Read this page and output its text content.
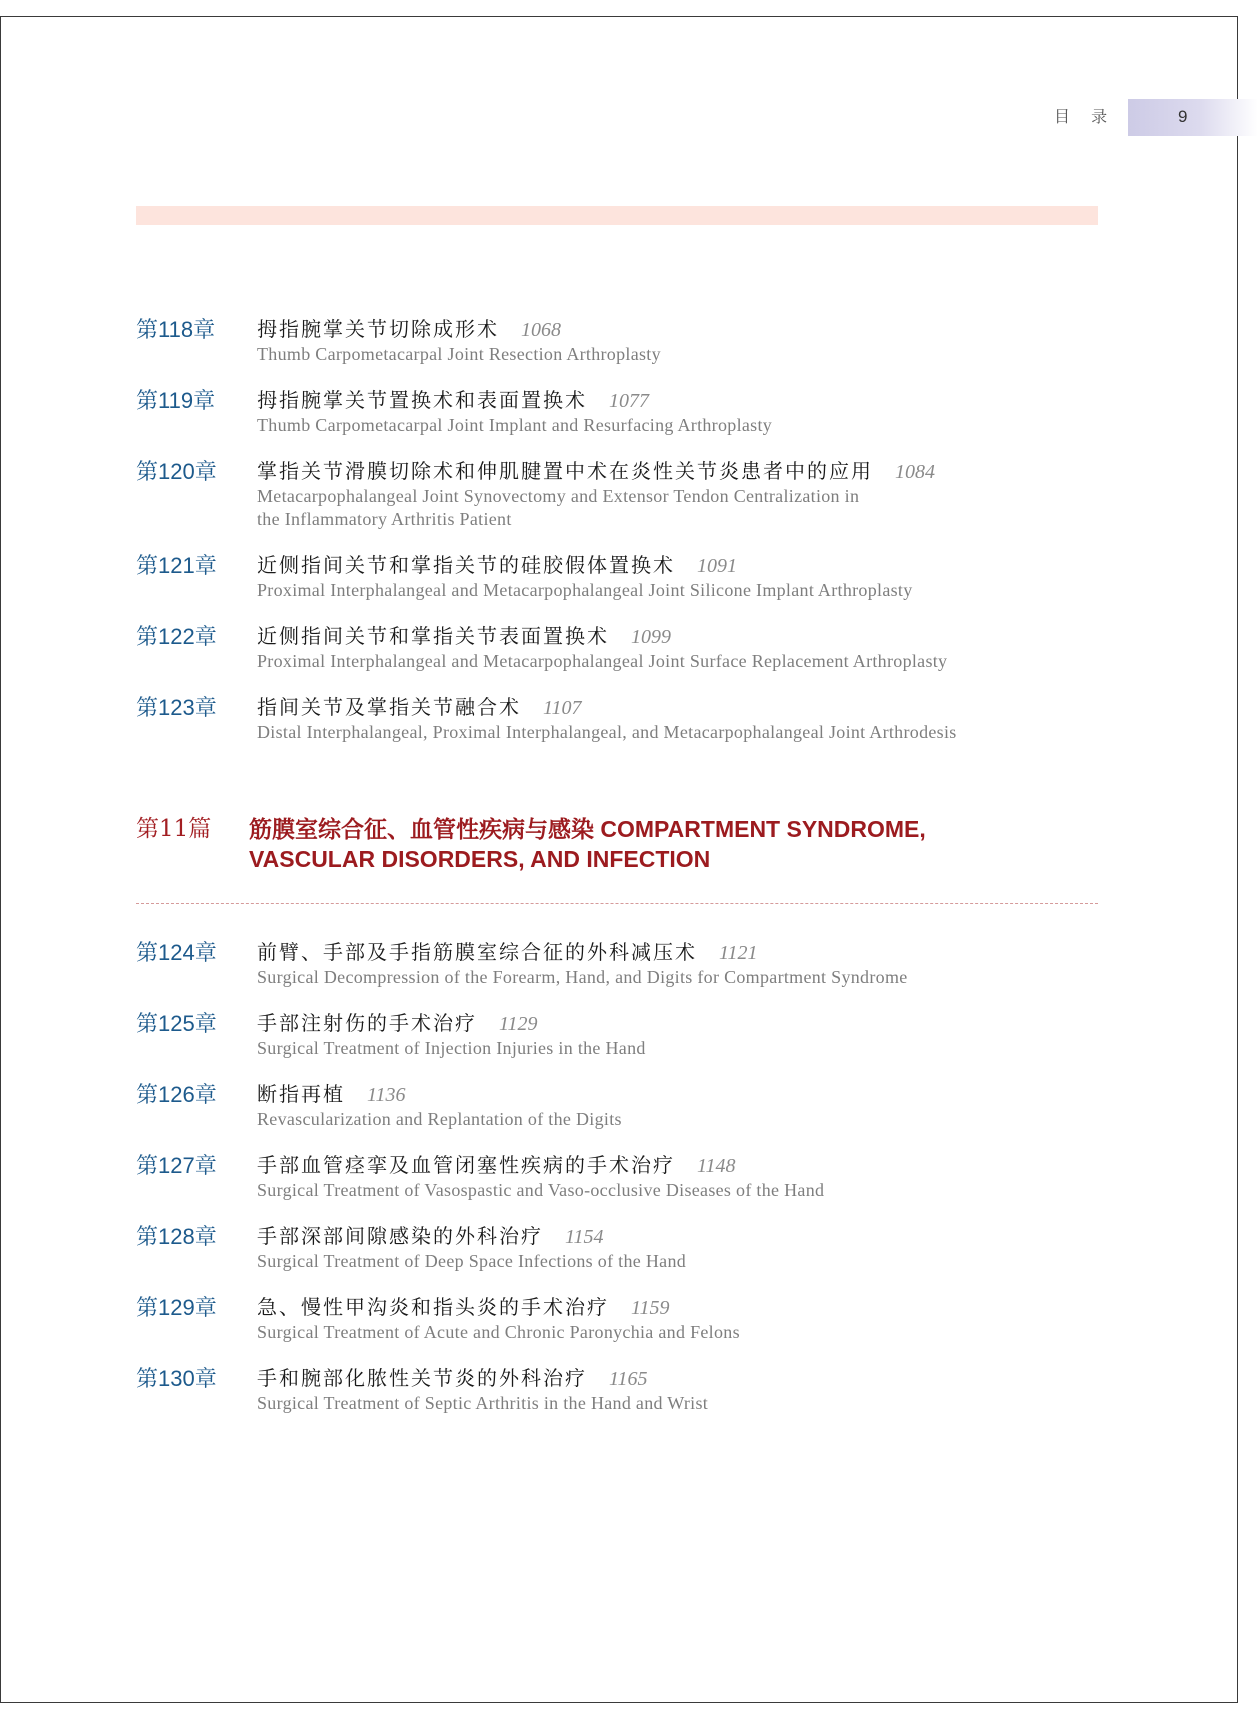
目 录	9
第118章	拇指腕掌关节切除成形术 1068
Thumb Carpometacarpal Joint Resection Arthroplasty
第119章	拇指腕掌关节置换术和表面置换术 1077
Thumb Carpometacarpal Joint Implant and Resurfacing Arthroplasty
第120章	掌指关节滑膜切除术和伸肌腱置中术在炎性关节炎患者中的应用 1084
Metacarpophalangeal Joint Synovectomy and Extensor Tendon Centralization in
the Inflammatory Arthritis Patient
第121章	近侧指间关节和掌指关节的硅胶假体置换术 1091
Proximal Interphalangeal and Metacarpophalangeal Joint Silicone Implant Arthroplasty
第122章	近侧指间关节和掌指关节表面置换术 1099
Proximal Interphalangeal and Metacarpophalangeal Joint Surface Replacement Arthroplasty
第123章	指间关节及掌指关节融合术 1107
Distal Interphalangeal, Proximal Interphalangeal, and Metacarpophalangeal Joint Arthrodesis
第11篇 筋膜室综合征、血管性疾病与感染 COMPARTMENT SYNDROME,
VASCULAR DISORDERS, AND INFECTION
第124章	前臂、手部及手指筋膜室综合征的外科减压术 1121
Surgical Decompression of the Forearm, Hand, and Digits for Compartment Syndrome
第125章	手部注射伤的手术治疗 1129
Surgical Treatment of Injection Injuries in the Hand
第126章	断指再植 1136
Revascularization and Replantation of the Digits
第127章	手部血管痉挛及血管闭塞性疾病的手术治疗 1148
Surgical Treatment of Vasospastic and Vaso-occlusive Diseases of the Hand
第128章	手部深部间隙感染的外科治疗 1154
Surgical Treatment of Deep Space Infections of the Hand
第129章	急、慢性甲沟炎和指头炎的手术治疗 1159
Surgical Treatment of Acute and Chronic Paronychia and Felons
第130章	手和腕部化脓性关节炎的外科治疗 1165
Surgical Treatment of Septic Arthritis in the Hand and Wrist
